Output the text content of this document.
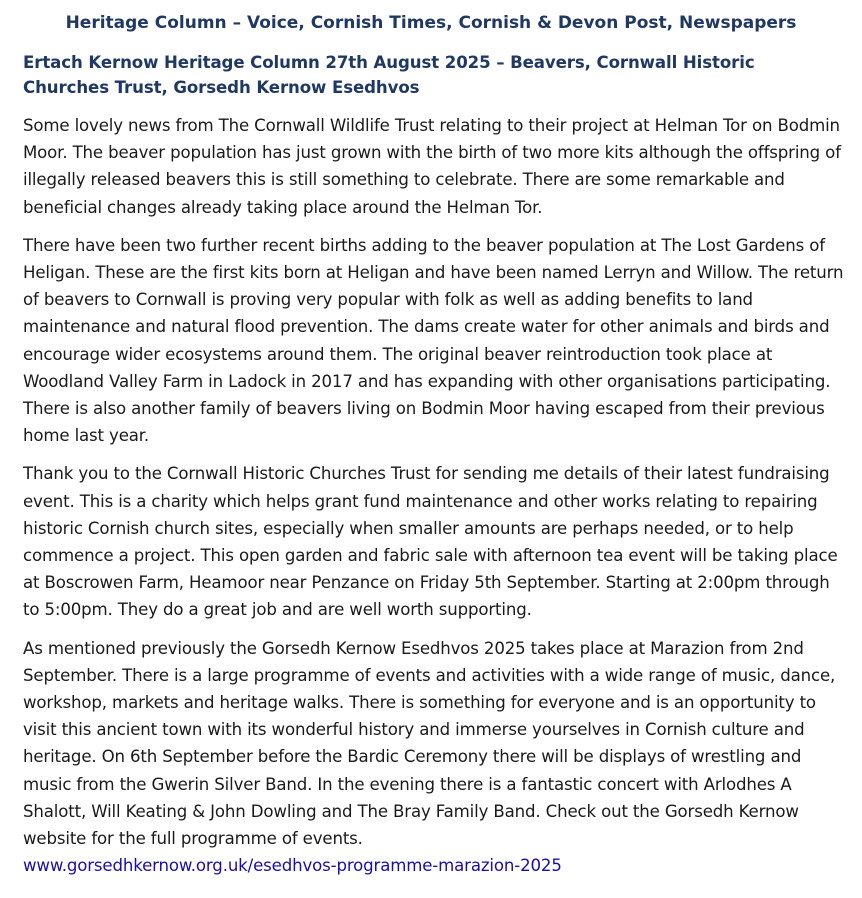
Heritage Column – Voice, Cornish Times, Cornish & Devon Post, Newspapers
Ertach Kernow Heritage Column 27th August 2025 – Beavers, Cornwall Historic Churches Trust, Gorsedh Kernow Esedhvos

Some lovely news from The Cornwall Wildlife Trust relating to their project at Helman Tor on Bodmin Moor. The beaver population has just grown with the birth of two more kits although the offspring of illegally released beavers this is still something to celebrate. There are some remarkable and beneficial changes already taking place around the Helman Tor.

There have been two further recent births adding to the beaver population at The Lost Gardens of Heligan. These are the first kits born at Heligan and have been named Lerryn and Willow. The return of beavers to Cornwall is proving very popular with folk as well as adding benefits to land maintenance and natural flood prevention. The dams create water for other animals and birds and encourage wider ecosystems around them. The original beaver reintroduction took place at Woodland Valley Farm in Ladock in 2017 and has expanding with other organisations participating. There is also another family of beavers living on Bodmin Moor having escaped from their previous home last year.

Thank you to the Cornwall Historic Churches Trust for sending me details of their latest fundraising event. This is a charity which helps grant fund maintenance and other works relating to repairing historic Cornish church sites, especially when smaller amounts are perhaps needed, or to help commence a project. This open garden and fabric sale with afternoon tea event will be taking place at Boscrowen Farm, Heamoor near Penzance on Friday 5th September. Starting at 2:00pm through to 5:00pm. They do a great job and are well worth supporting.

As mentioned previously the Gorsedh Kernow Esedhvos 2025 takes place at Marazion from 2nd September. There is a large programme of events and activities with a wide range of music, dance, workshop, markets and heritage walks. There is something for everyone and is an opportunity to visit this ancient town with its wonderful history and immerse yourselves in Cornish culture and heritage. On 6th September before the Bardic Ceremony there will be displays of wrestling and music from the Gwerin Silver Band. In the evening there is a fantastic concert with Arlodhes A Shalott, Will Keating & John Dowling and The Bray Family Band. Check out the Gorsedh Kernow website for the full programme of events.

www.gorsedhkernow.org.uk/esedhvos-programme-marazion-2025
